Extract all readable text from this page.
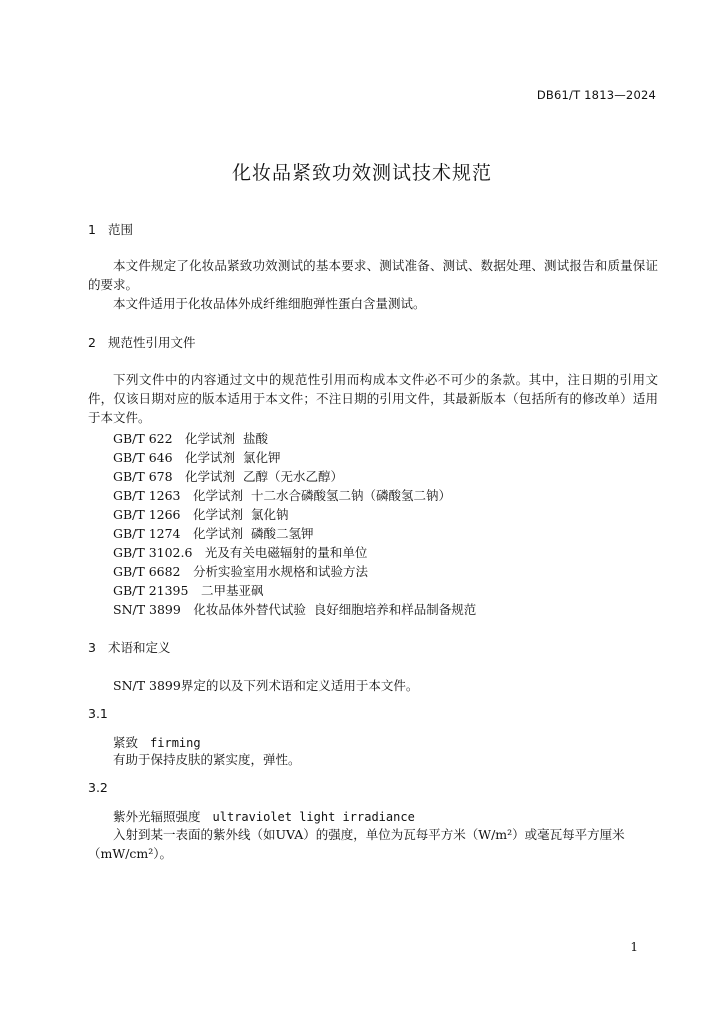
DB61/T 1813—2024
化妆品紧致功效测试技术规范
1 范围
本文件规定了化妆品紧致功效测试的基本要求、测试准备、测试、数据处理、测试报告和质量保证的要求。
本文件适用于化妆品体外成纤维细胞弹性蛋白含量测试。
2 规范性引用文件
下列文件中的内容通过文中的规范性引用而构成本文件必不可少的条款。其中，注日期的引用文件，仅该日期对应的版本适用于本文件；不注日期的引用文件，其最新版本（包括所有的修改单）适用于本文件。
GB/T 622　化学试剂  盐酸
GB/T 646　化学试剂  氯化钾
GB/T 678　化学试剂  乙醇（无水乙醇）
GB/T 1263　化学试剂  十二水合磷酸氢二钠（磷酸氢二钠）
GB/T 1266　化学试剂  氯化钠
GB/T 1274　化学试剂  磷酸二氢钾
GB/T 3102.6　光及有关电磁辐射的量和单位
GB/T 6682　分析实验室用水规格和试验方法
GB/T 21395　二甲基亚砜
SN/T 3899　化妆品体外替代试验  良好细胞培养和样品制备规范
3 术语和定义
SN/T 3899界定的以及下列术语和定义适用于本文件。
3.1
紧致 firming
有助于保持皮肤的紧实度，弹性。
3.2
紫外光辐照强度 ultraviolet light irradiance
入射到某一表面的紫外线（如UVA）的强度，单位为瓦每平方米（W/m²）或毫瓦每平方厘米（mW/cm²）。
1
